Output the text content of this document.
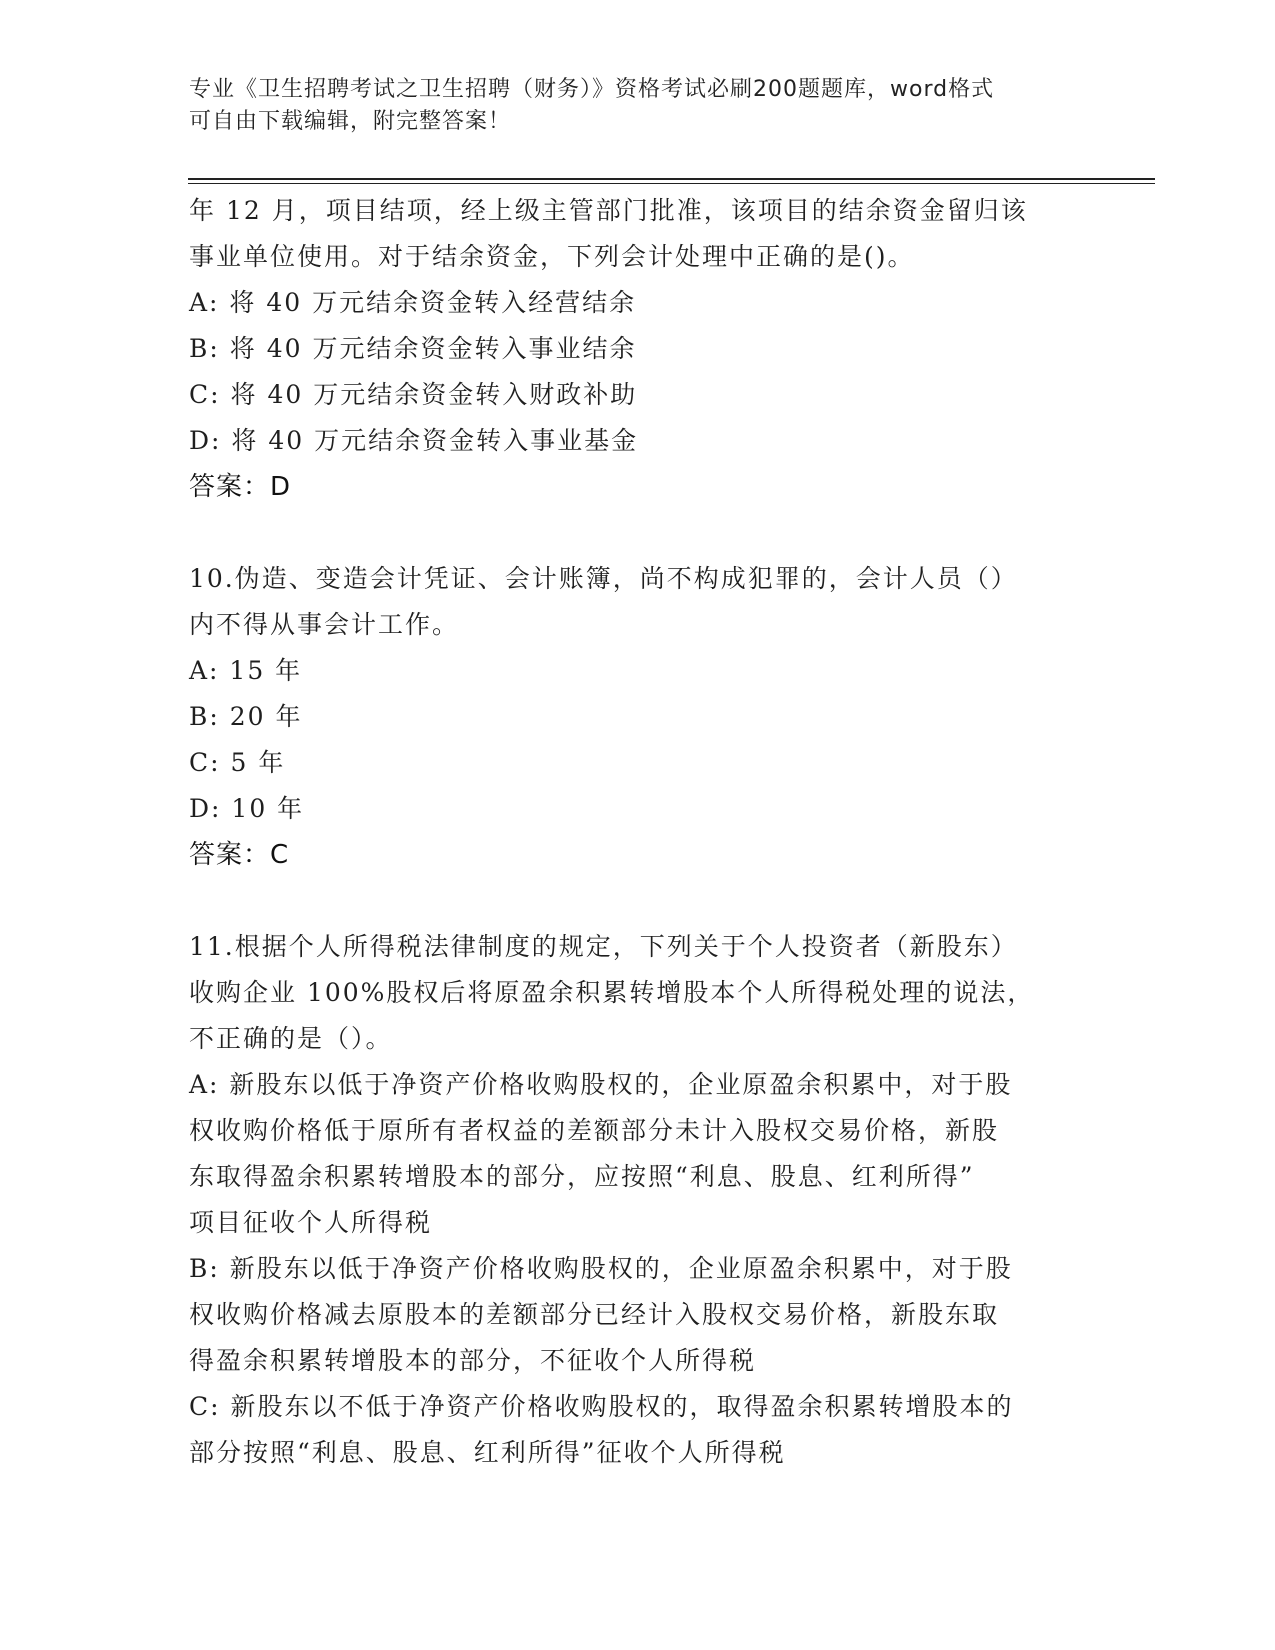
专业《卫生招聘考试之卫生招聘（财务）》资格考试必刷200题题库，word格式
可自由下载编辑，附完整答案！
年 12 月，项目结项，经上级主管部门批准，该项目的结余资金留归该
事业单位使用。对于结余资金，下列会计处理中正确的是()。
A: 将 40 万元结余资金转入经营结余
B: 将 40 万元结余资金转入事业结余
C: 将 40 万元结余资金转入财政补助
D: 将 40 万元结余资金转入事业基金
答案：D
10.伪造、变造会计凭证、会计账簿，尚不构成犯罪的，会计人员（）
内不得从事会计工作。
A: 15 年
B: 20 年
C: 5 年
D: 10 年
答案：C
11.根据个人所得税法律制度的规定，下列关于个人投资者（新股东）
收购企业 100%股权后将原盈余积累转增股本个人所得税处理的说法，
不正确的是（）。
A: 新股东以低于净资产价格收购股权的，企业原盈余积累中，对于股
权收购价格低于原所有者权益的差额部分未计入股权交易价格，新股
东取得盈余积累转增股本的部分，应按照“利息、股息、红利所得”
项目征收个人所得税
B: 新股东以低于净资产价格收购股权的，企业原盈余积累中，对于股
权收购价格减去原股本的差额部分已经计入股权交易价格，新股东取
得盈余积累转增股本的部分，不征收个人所得税
C: 新股东以不低于净资产价格收购股权的，取得盈余积累转增股本的
部分按照“利息、股息、红利所得”征收个人所得税
